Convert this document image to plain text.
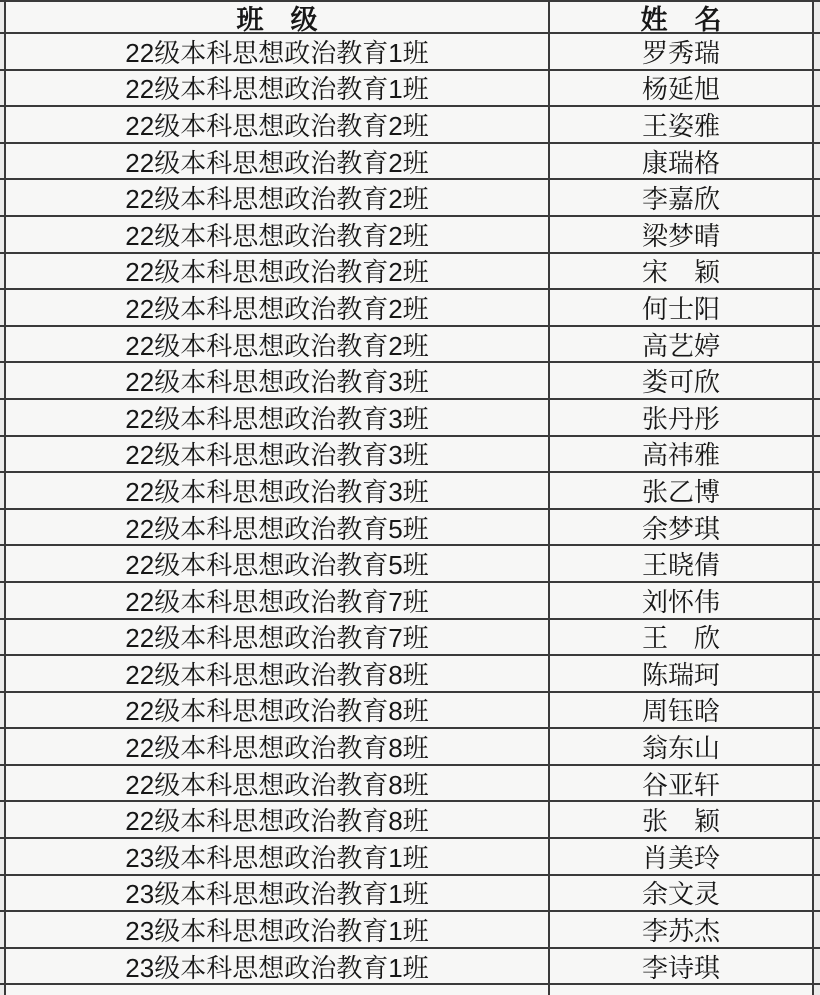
班　级	姓　名
22级本科思想政治教育1班	罗秀瑞
22级本科思想政治教育1班	杨延旭
22级本科思想政治教育2班	王姿雅
22级本科思想政治教育2班	康瑞格
22级本科思想政治教育2班	李嘉欣
22级本科思想政治教育2班	梁梦晴
22级本科思想政治教育2班	宋　颖
22级本科思想政治教育2班	何士阳
22级本科思想政治教育2班	高艺婷
22级本科思想政治教育3班	娄可欣
22级本科思想政治教育3班	张丹彤
22级本科思想政治教育3班	高祎雅
22级本科思想政治教育3班	张乙博
22级本科思想政治教育5班	余梦琪
22级本科思想政治教育5班	王晓倩
22级本科思想政治教育7班	刘怀伟
22级本科思想政治教育7班	王　欣
22级本科思想政治教育8班	陈瑞珂
22级本科思想政治教育8班	周钰晗
22级本科思想政治教育8班	翁东山
22级本科思想政治教育8班	谷亚轩
22级本科思想政治教育8班	张　颖
23级本科思想政治教育1班	肖美玲
23级本科思想政治教育1班	余文灵
23级本科思想政治教育1班	李苏杰
23级本科思想政治教育1班	李诗琪
